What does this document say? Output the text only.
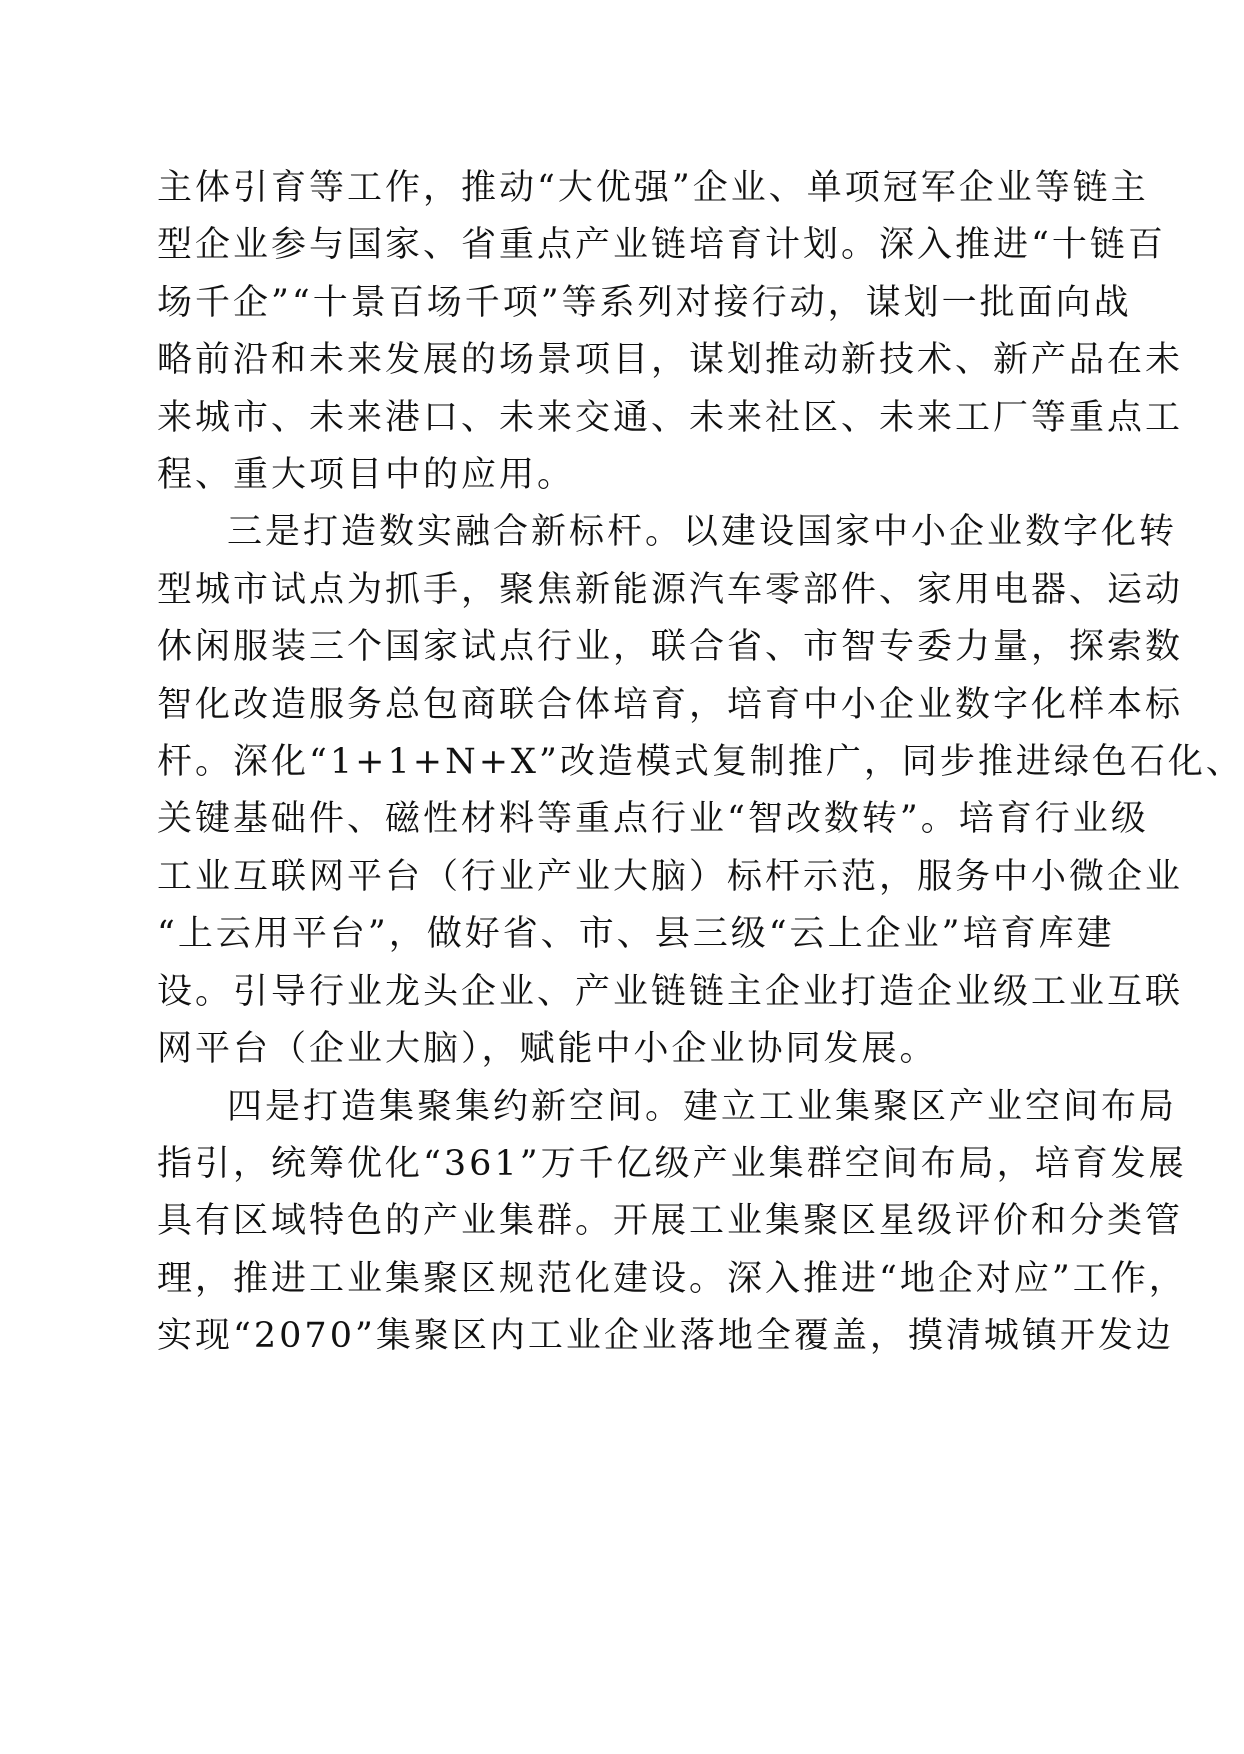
主体引育等工作，推动“大优强”企业、单项冠军企业等链主
型企业参与国家、省重点产业链培育计划。深入推进“十链百
场千企”“十景百场千项”等系列对接行动，谋划一批面向战
略前沿和未来发展的场景项目，谋划推动新技术、新产品在未
来城市、未来港口、未来交通、未来社区、未来工厂等重点工
程、重大项目中的应用。
三是打造数实融合新标杆。以建设国家中小企业数字化转
型城市试点为抓手，聚焦新能源汽车零部件、家用电器、运动
休闲服装三个国家试点行业，联合省、市智专委力量，探索数
智化改造服务总包商联合体培育，培育中小企业数字化样本标
杆。深化“1+1+N+X”改造模式复制推广，同步推进绿色石化、
关键基础件、磁性材料等重点行业“智改数转”。培育行业级
工业互联网平台（行业产业大脑）标杆示范，服务中小微企业
“上云用平台”，做好省、市、县三级“云上企业”培育库建
设。引导行业龙头企业、产业链链主企业打造企业级工业互联
网平台（企业大脑），赋能中小企业协同发展。
四是打造集聚集约新空间。建立工业集聚区产业空间布局
指引，统筹优化“361”万千亿级产业集群空间布局，培育发展
具有区域特色的产业集群。开展工业集聚区星级评价和分类管
理，推进工业集聚区规范化建设。深入推进“地企对应”工作，
实现“2070”集聚区内工业企业落地全覆盖，摸清城镇开发边
